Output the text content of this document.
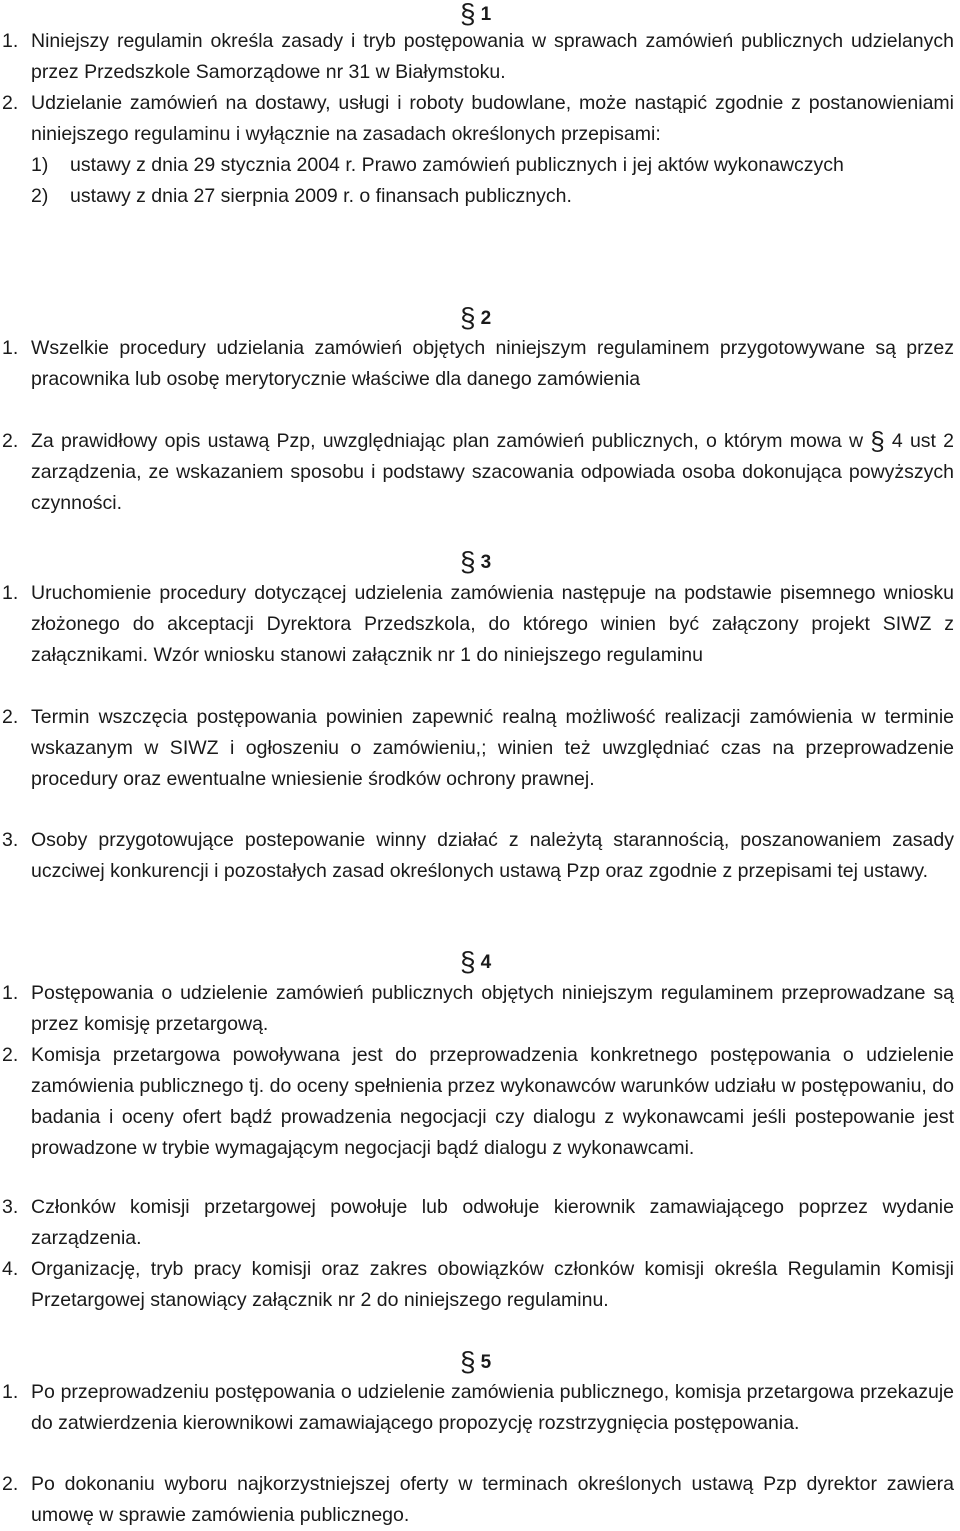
§ 1
1. Niniejszy regulamin określa zasady i tryb postępowania w sprawach zamówień publicznych udzielanych przez Przedszkole Samorządowe nr 31 w Białymstoku.
2. Udzielanie zamówień na dostawy, usługi i roboty budowlane, może nastąpić zgodnie z postanowieniami niniejszego regulaminu i wyłącznie na zasadach określonych przepisami:
1) ustawy z dnia 29 stycznia 2004 r. Prawo zamówień publicznych i jej aktów wykonawczych
2) ustawy z dnia 27 sierpnia 2009 r. o finansach publicznych.
§ 2
1. Wszelkie procedury udzielania zamówień objętych niniejszym regulaminem przygotowywane są przez pracownika lub osobę merytorycznie właściwe dla danego zamówienia
2. Za prawidłowy opis ustawą Pzp, uwzględniając plan zamówień publicznych, o którym mowa w § 4 ust 2 zarządzenia, ze wskazaniem sposobu i podstawy szacowania odpowiada osoba dokonująca powyższych czynności.
§ 3
1. Uruchomienie procedury dotyczącej udzielenia zamówienia następuje na podstawie pisemnego wniosku złożonego do akceptacji Dyrektora Przedszkola, do którego winien być załączony projekt SIWZ z załącznikami. Wzór wniosku stanowi załącznik nr 1 do niniejszego regulaminu
2. Termin wszczęcia postępowania powinien zapewnić realną możliwość realizacji zamówienia w terminie wskazanym w SIWZ i ogłoszeniu o zamówieniu,; winien też uwzględniać czas na przeprowadzenie procedury oraz ewentualne wniesienie środków ochrony prawnej.
3. Osoby przygotowujące postepowanie winny działać z należytą starannością, poszanowaniem zasady uczciwej konkurencji i pozostałych zasad określonych ustawą Pzp oraz zgodnie z przepisami tej ustawy.
§ 4
1. Postępowania o udzielenie zamówień publicznych objętych niniejszym regulaminem przeprowadzane są przez komisję przetargową.
2. Komisja przetargowa powoływana jest do przeprowadzenia konkretnego postępowania o udzielenie zamówienia publicznego tj. do oceny spełnienia przez wykonawców warunków udziału w postępowaniu, do badania i oceny ofert bądź prowadzenia negocjacji czy dialogu z wykonawcami jeśli postepowanie jest prowadzone w trybie wymagającym negocjacji bądź dialogu z wykonawcami.
3. Członków komisji przetargowej powołuje lub odwołuje kierownik zamawiającego poprzez wydanie zarządzenia.
4. Organizację, tryb pracy komisji oraz zakres obowiązków członków komisji określa Regulamin Komisji Przetargowej stanowiący załącznik nr 2 do niniejszego regulaminu.
§ 5
1. Po przeprowadzeniu postępowania o udzielenie zamówienia publicznego, komisja przetargowa przekazuje do zatwierdzenia kierownikowi zamawiającego propozycję rozstrzygnięcia postępowania.
2. Po dokonaniu wyboru najkorzystniejszej oferty w terminach określonych ustawą Pzp dyrektor zawiera umowę w sprawie zamówienia publicznego.
